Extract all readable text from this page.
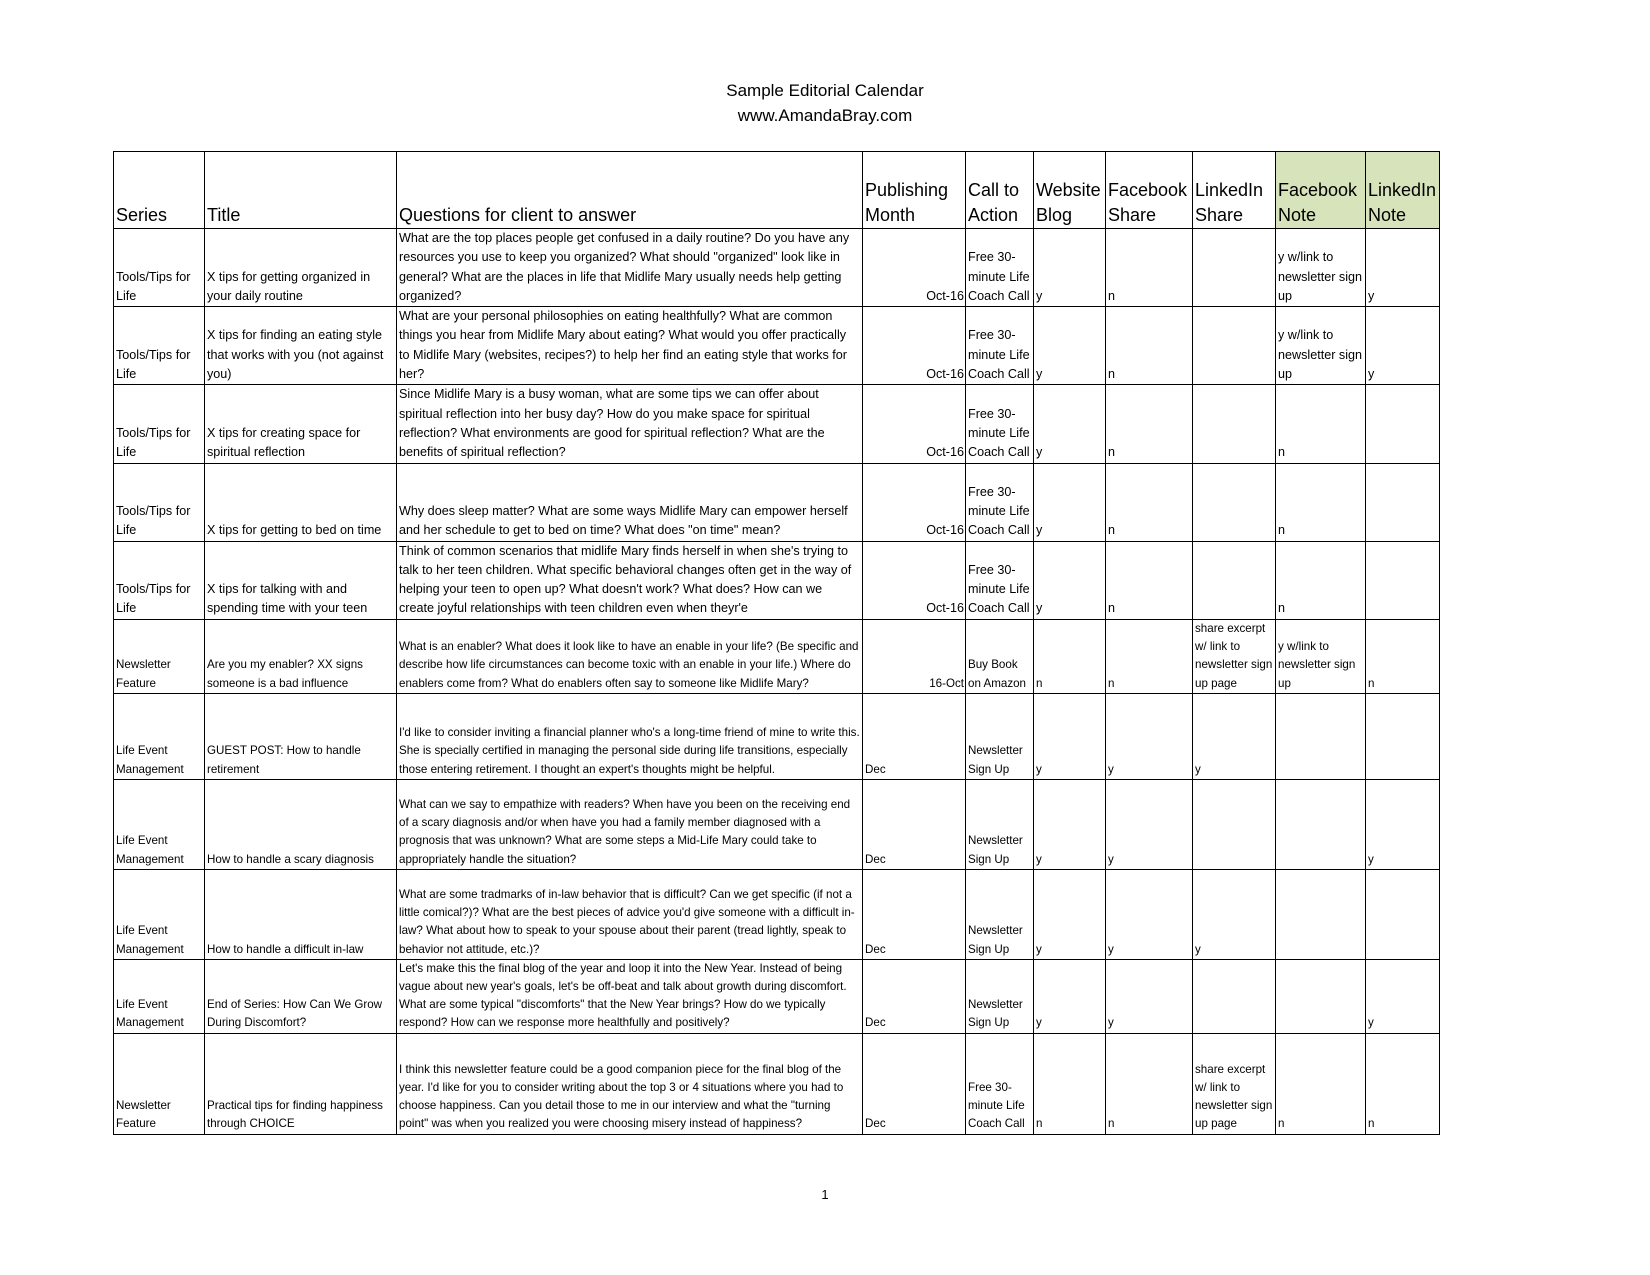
Sample Editorial Calendar
www.AmandaBray.com
Series	Title	Questions for client to answer	Publishing Month	Call to Action	Website Blog	Facebook Share	LinkedIn Share	Facebook Note	LinkedIn Note
Tools/Tips for Life	X tips for getting organized in your daily routine	What are the top places people get confused in a daily routine? Do you have any resources you use to keep you organized? What should "organized" look like in general? What are the places in life that Midlife Mary usually needs help getting organized?	Oct-16	Free 30-minute Life Coach Call	y	n		y w/link to newsletter sign up	y
Tools/Tips for Life	X tips for finding an eating style that works with you (not against you)	What are your personal philosophies on eating healthfully? What are common things you hear from Midlife Mary about eating? What would you offer practically to Midlife Mary (websites, recipes?) to help her find an eating style that works for her?	Oct-16	Free 30-minute Life Coach Call	y	n		y w/link to newsletter sign up	y
Tools/Tips for Life	X tips for creating space for spiritual reflection	Since Midlife Mary is a busy woman, what are some tips we can offer about spiritual reflection into her busy day? How do you make space for spiritual reflection? What environments are good for spiritual reflection? What are the benefits of spiritual reflection?	Oct-16	Free 30-minute Life Coach Call	y	n		n	
Tools/Tips for Life	X tips for getting to bed on time	Why does sleep matter? What are some ways Midlife Mary can empower herself and her schedule to get to bed on time? What does "on time" mean?	Oct-16	Free 30-minute Life Coach Call	y	n		n	
Tools/Tips for Life	X tips for talking with and spending time with your teen	Think of common scenarios that midlife Mary finds herself in when she's trying to talk to her teen children. What specific behavioral changes often get in the way of helping your teen to open up? What doesn't work? What does? How can we create joyful relationships with teen children even when theyr'e	Oct-16	Free 30-minute Life Coach Call	y	n		n	
Newsletter Feature	Are you my enabler? XX signs someone is a bad influence	What is an enabler? What does it look like to have an enable in your life? (Be specific and describe how life circumstances can become toxic with an enable in your life.) Where do enablers come from? What do enablers often say to someone like Midlife Mary?	16-Oct	Buy Book on Amazon	n	n	share excerpt w/ link to newsletter sign up page	y w/link to newsletter sign up	n
Life Event Management	GUEST POST: How to handle retirement	I'd like to consider inviting a financial planner who's a long-time friend of mine to write this. She is specially certified in managing the personal side during life transitions, especially those entering retirement. I thought an expert's thoughts might be helpful.	Dec	Newsletter Sign Up	y	y	y		
Life Event Management	How to handle a scary diagnosis	What can we say to empathize with readers? When have you been on the receiving end of a scary diagnosis and/or when have you had a family member diagnosed with a prognosis that was unknown? What are some steps a Mid-Life Mary could take to appropriately handle the situation?	Dec	Newsletter Sign Up	y	y			y
Life Event Management	How to handle a difficult in-law	What are some tradmarks of in-law behavior that is difficult? Can we get specific (if not a little comical?)? What are the best pieces of advice you'd give someone with a difficult in-law? What about how to speak to your spouse about their parent (tread lightly, speak to behavior not attitude, etc.)?	Dec	Newsletter Sign Up	y	y	y		
Life Event Management	End of Series: How Can We Grow During Discomfort?	Let's make this the final blog of the year and loop it into the New Year. Instead of being vague about new year's goals, let's be off-beat and talk about growth during discomfort. What are some typical "discomforts" that the New Year brings? How do we typically respond? How can we response more healthfully and positively?	Dec	Newsletter Sign Up	y	y			y
Newsletter Feature	Practical tips for finding happiness through CHOICE	I think this newsletter feature could be a good companion piece for the final blog of the year. I'd like for you to consider writing about the top 3 or 4 situations where you had to choose happiness. Can you detail those to me in our interview and what the "turning point" was when you realized you were choosing misery instead of happiness?	Dec	Free 30-minute Life Coach Call	n	n	share excerpt w/ link to newsletter sign up page	n	n
1
